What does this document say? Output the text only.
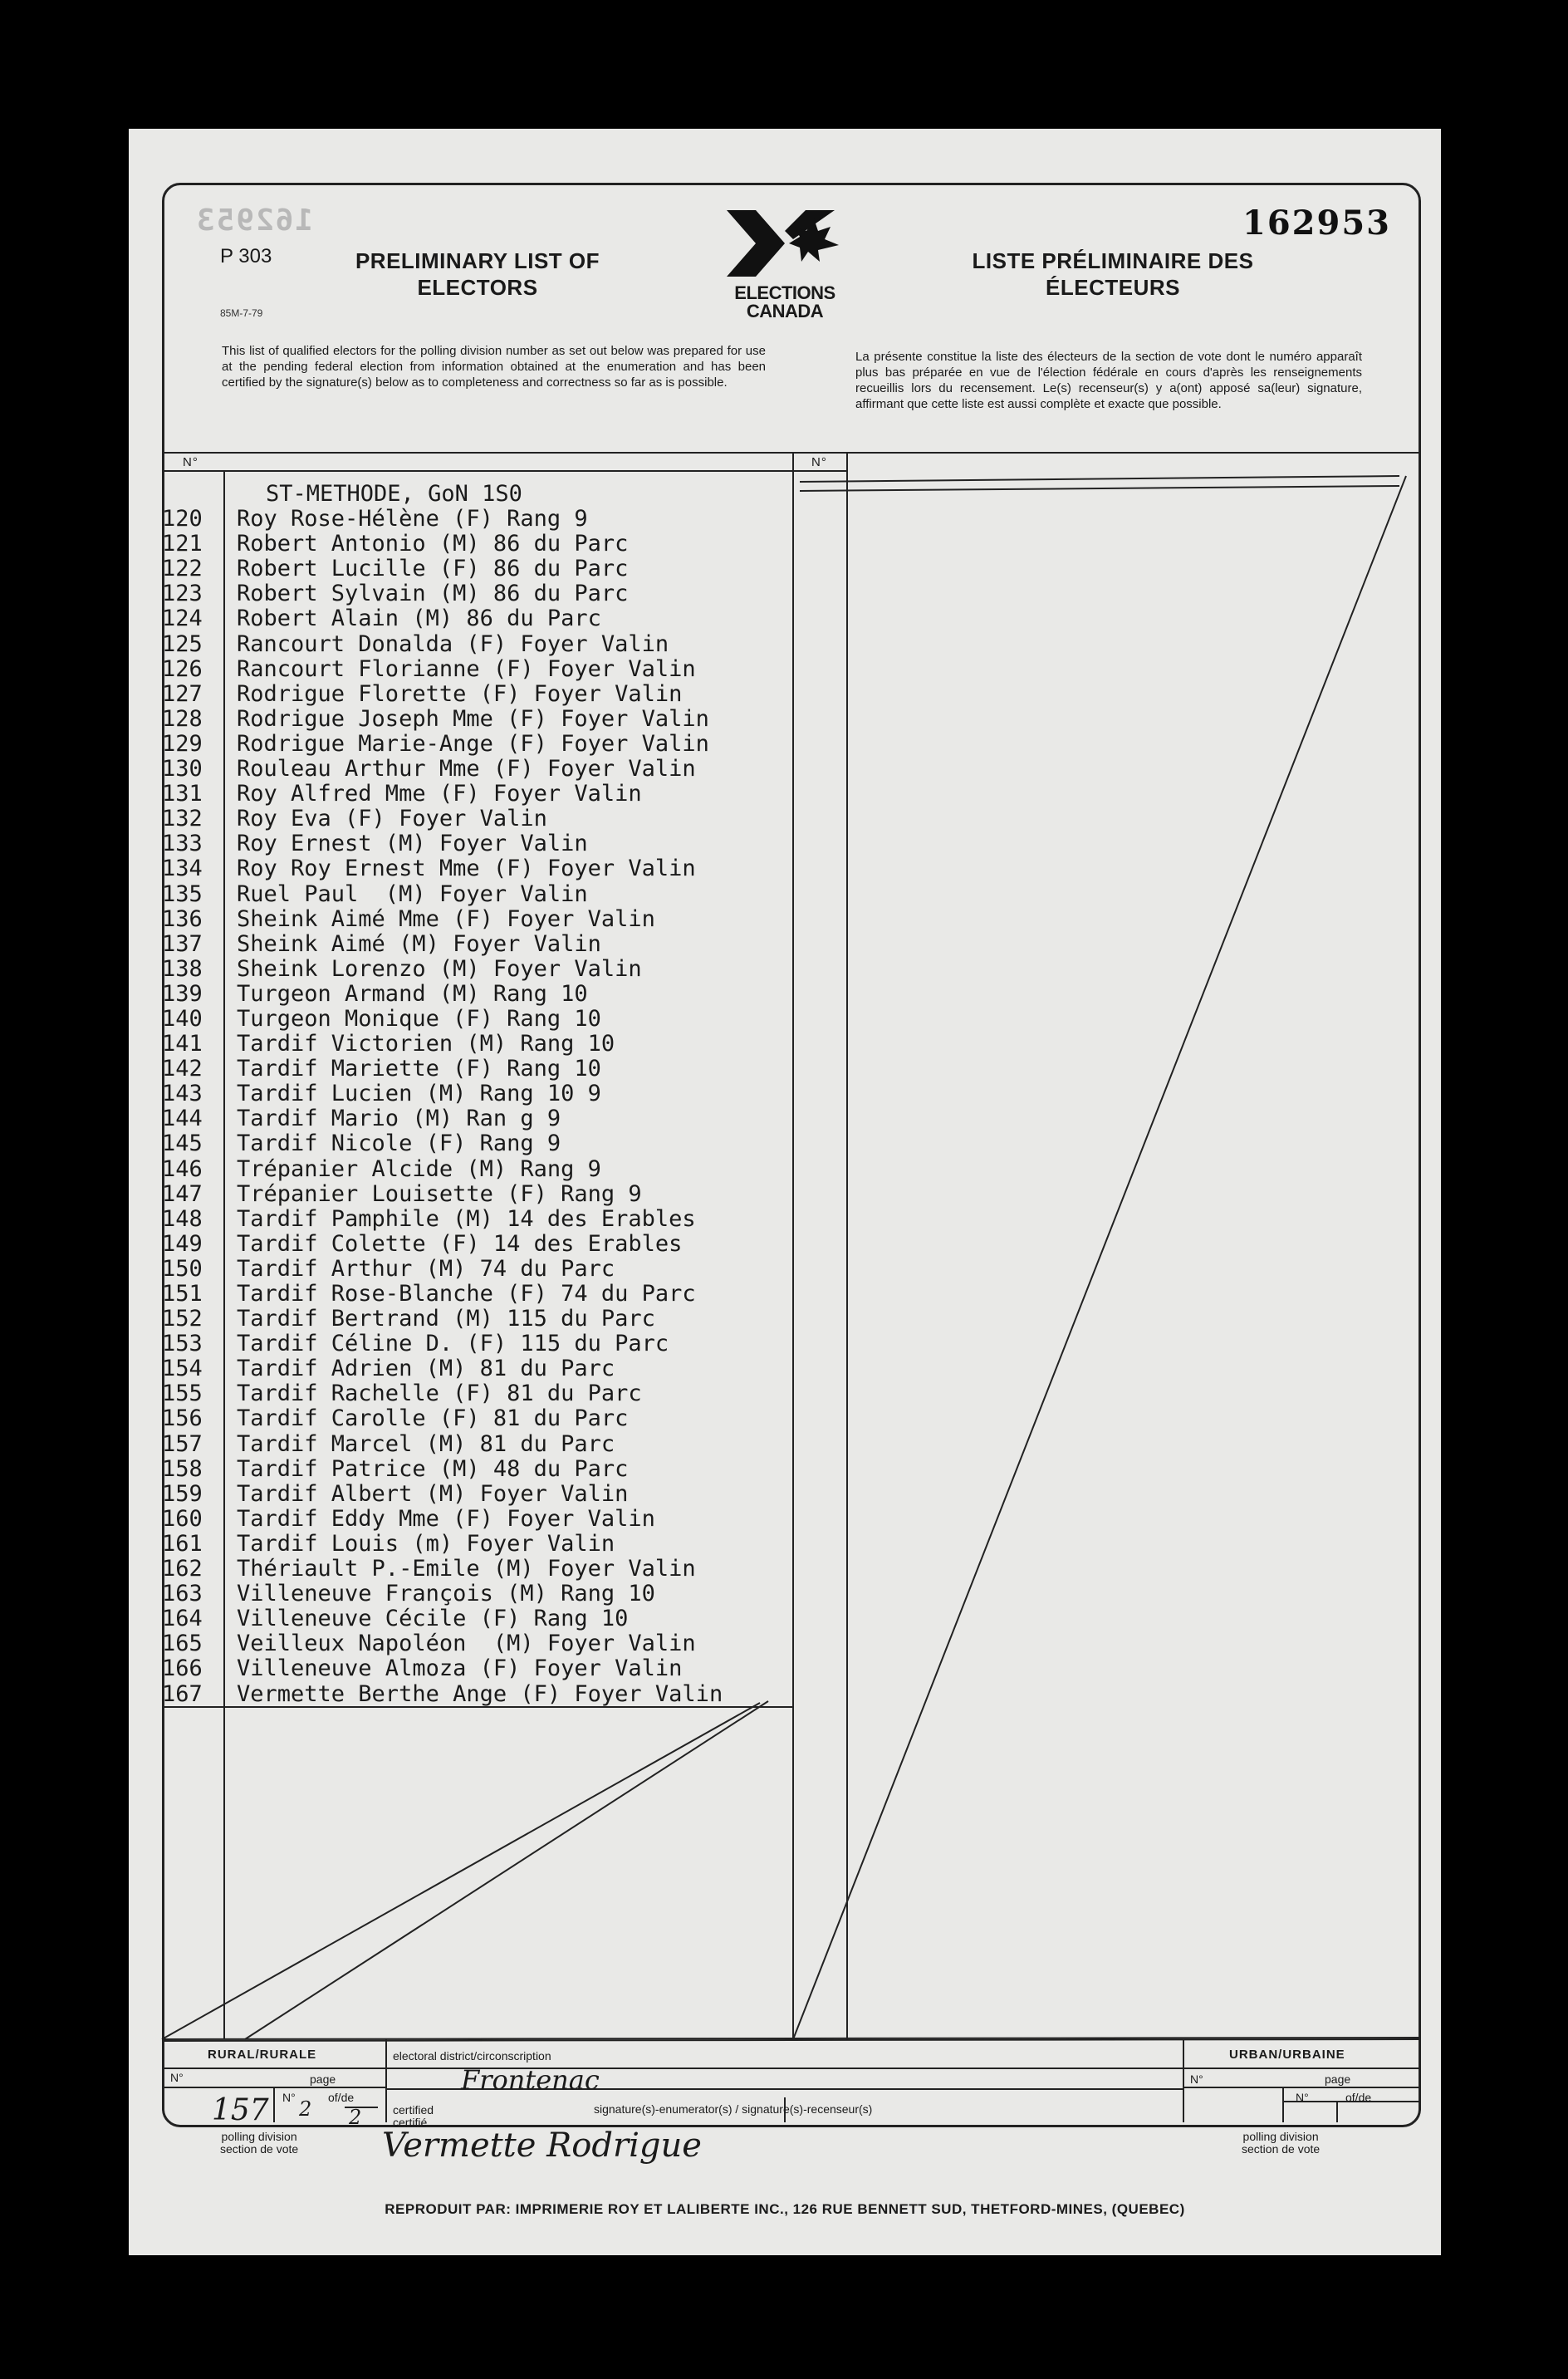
162953	162953
P 303
85M-7-79
PRELIMINARY LIST OF
ELECTORS
LISTE PRÉLIMINAIRE DES
ÉLECTEURS
ELECTIONS
CANADA
This list of qualified electors for the polling division number as set out below was prepared for use at the pending federal election from information obtained at the enumeration and has been certified by the signature(s) below as to completeness and correctness so far as is possible.
La présente constitue la liste des électeurs de la section de vote dont le numéro apparaît plus bas préparée en vue de l'élection fédérale en cours d'après les renseignements recueillis lors du recensement. Le(s) recenseur(s) y a(ont) apposé sa(leur) signature, affirmant que cette liste est aussi complète et exacte que possible.
N°	N°
ST-METHODE, GoN 1S0
120 Roy Rose-Hélène (F) Rang 9
121 Robert Antonio (M) 86 du Parc
122 Robert Lucille (F) 86 du Parc
123 Robert Sylvain (M) 86 du Parc
124 Robert Alain (M) 86 du Parc
125 Rancourt Donalda (F) Foyer Valin
126 Rancourt Florianne (F) Foyer Valin
127 Rodrigue Florette (F) Foyer Valin
128 Rodrigue Joseph Mme (F) Foyer Valin
129 Rodrigue Marie-Ange (F) Foyer Valin
130 Rouleau Arthur Mme (F) Foyer Valin
131 Roy Alfred Mme (F) Foyer Valin
132 Roy Eva (F) Foyer Valin
133 Roy Ernest (M) Foyer Valin
134 Roy Roy Ernest Mme (F) Foyer Valin
135 Ruel Paul  (M) Foyer Valin
136 Sheink Aimé Mme (F) Foyer Valin
137 Sheink Aimé (M) Foyer Valin
138 Sheink Lorenzo (M) Foyer Valin
139 Turgeon Armand (M) Rang 10
140 Turgeon Monique (F) Rang 10
141 Tardif Victorien (M) Rang 10
142 Tardif Mariette (F) Rang 10
143 Tardif Lucien (M) Rang 10 9
144 Tardif Mario (M) Ran g 9
145 Tardif Nicole (F) Rang 9
146 Trépanier Alcide (M) Rang 9
147 Trépanier Louisette (F) Rang 9
148 Tardif Pamphile (M) 14 des Erables
149 Tardif Colette (F) 14 des Erables
150 Tardif Arthur (M) 74 du Parc
151 Tardif Rose-Blanche (F) 74 du Parc
152 Tardif Bertrand (M) 115 du Parc
153 Tardif Céline D. (F) 115 du Parc
154 Tardif Adrien (M) 81 du Parc
155 Tardif Rachelle (F) 81 du Parc
156 Tardif Carolle (F) 81 du Parc
157 Tardif Marcel (M) 81 du Parc
158 Tardif Patrice (M) 48 du Parc
159 Tardif Albert (M) Foyer Valin
160 Tardif Eddy Mme (F) Foyer Valin
161 Tardif Louis (m) Foyer Valin
162 Thériault P.-Emile (M) Foyer Valin
163 Villeneuve François (M) Rang 10
164 Villeneuve Cécile (F) Rang 10
165 Veilleux Napoléon  (M) Foyer Valin
166 Villeneuve Almoza (F) Foyer Valin
167 Vermette Berthe Ange (F) Foyer Valin
RURAL/RURALE	URBAN/URBAINE
electoral district/circonscription
Frontenac
N°	page
157 N° 2 of/de
2
polling division
section de vote
certified
certifié
signature(s)-enumerator(s) / signature(s)-recenseur(s)
Vermette Rodrigue
N°	page
N°	of/de
polling division
section de vote
REPRODUIT PAR: IMPRIMERIE ROY ET LALIBERTE INC., 126 RUE BENNETT SUD, THETFORD-MINES, (QUEBEC)
